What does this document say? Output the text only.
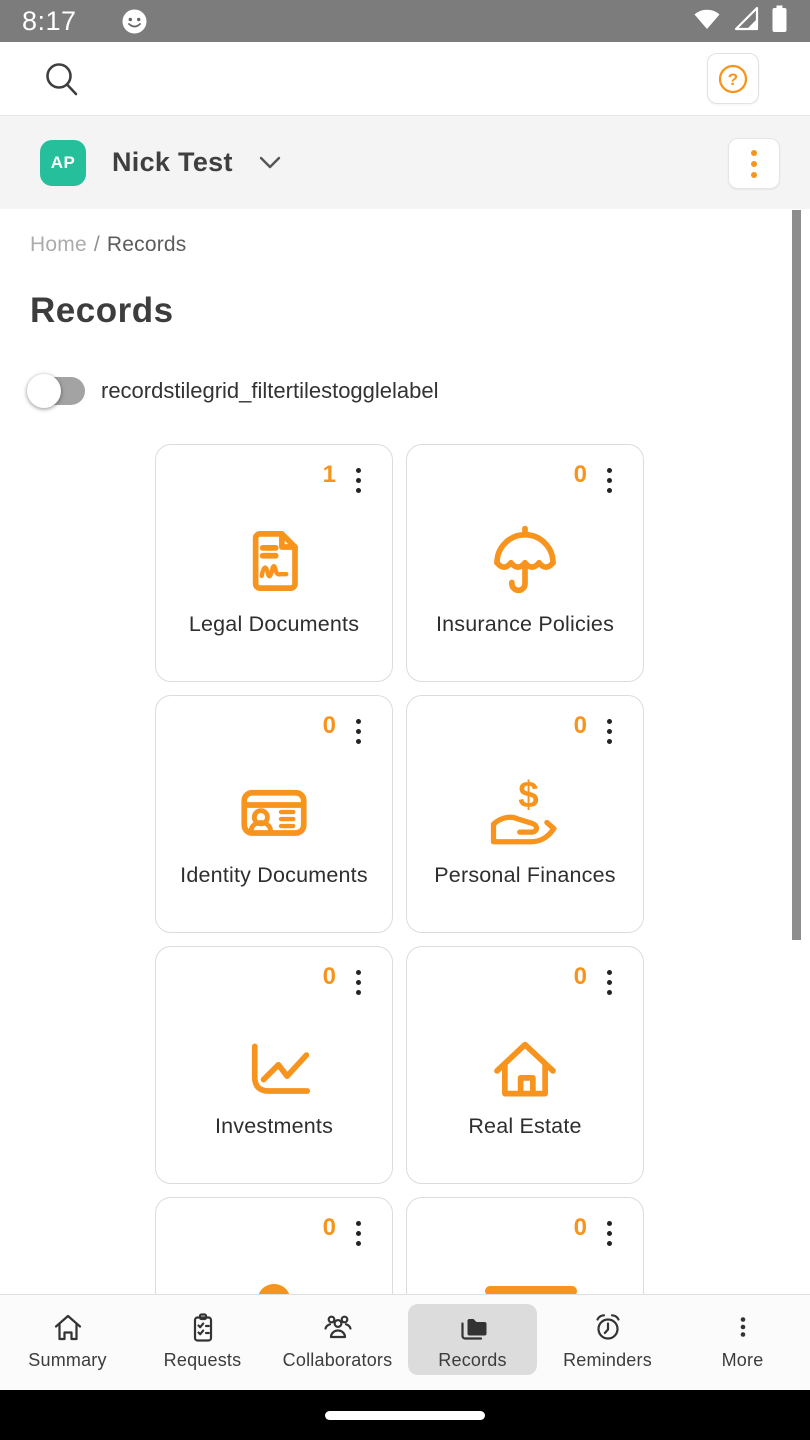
8:17
?
AP	Nick Test
Home / Records
Records
recordstilegrid_filtertilestogglelabel
1
Legal Documents
0
Insurance Policies
0
Identity Documents
0
$
Personal Finances
0
Investments
0
Real Estate
0	0
Summary	Requests Collaborators	Records	Reminders	More
